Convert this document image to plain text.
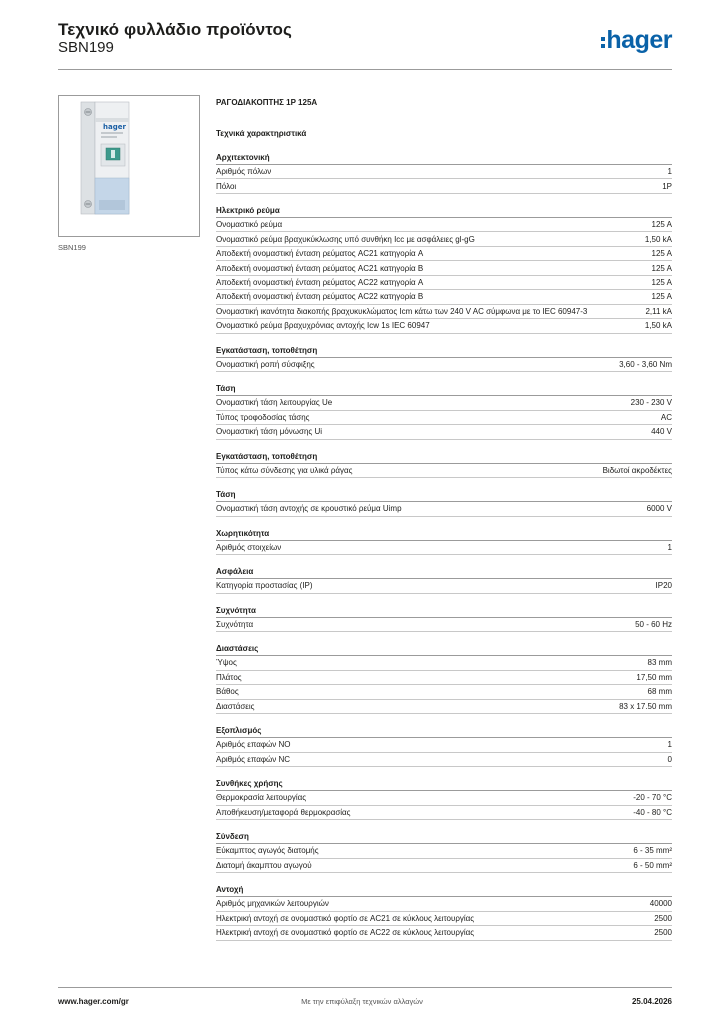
Τεχνικό φυλλάδιο προϊόντος
SBN199	hager
hager
SBN199
ΡΑΓΟΔΙΑΚΟΠΤΗΣ 1P 125A
Τεχνικά χαρακτηριστικά
Αρχιτεκτονική
Αριθμός πόλων	1
Πόλοι	1P
Ηλεκτρικό ρεύμα
Ονομαστικό ρεύμα	125 A
Ονομαστικό ρεύμα βραχυκύκλωσης υπό συνθήκη Icc με ασφάλειες gl-gG	1,50 kA
Αποδεκτή ονομαστική ένταση ρεύματος AC21 κατηγορία A	125 A
Αποδεκτή ονομαστική ένταση ρεύματος AC21 κατηγορία B	125 A
Αποδεκτή ονομαστική ένταση ρεύματος AC22 κατηγορία A	125 A
Αποδεκτή ονομαστική ένταση ρεύματος AC22 κατηγορία B	125 A
Ονομαστική ικανότητα διακοπής βραχυκυκλώματος Icm κάτω των 240 V AC σύμφωνα με το IEC 60947-3	2,11 kA
Ονομαστικό ρεύμα βραχυχρόνιας αντοχής Icw 1s IEC 60947	1,50 kA
Εγκατάσταση, τοποθέτηση
Ονομαστική ροπή σύσφιξης	3,60 - 3,60 Nm
Τάση
Ονομαστική τάση λειτουργίας Ue	230 - 230 V
Τύπος τροφοδοσίας τάσης	AC
Ονομαστική τάση μόνωσης Ui	440 V
Εγκατάσταση, τοποθέτηση
Τύπος κάτω σύνδεσης για υλικά ράγας	Βιδωτοί ακροδέκτες
Τάση
Ονομαστική τάση αντοχής σε κρουστικό ρεύμα Uimp	6000 V
Χωρητικότητα
Αριθμός στοιχείων	1
Ασφάλεια
Κατηγορία προστασίας (IP)	IP20
Συχνότητα
Συχνότητα	50 - 60 Hz
Διαστάσεις
Ύψος	83 mm
Πλάτος	17,50 mm
Βάθος	68 mm
Διαστάσεις	83 x 17.50 mm
Εξοπλισμός
Αριθμός επαφών NO	1
Αριθμός επαφών NC	0
Συνθήκες χρήσης
Θερμοκρασία λειτουργίας	-20 - 70 °C
Αποθήκευση/μεταφορά θερμοκρασίας	-40 - 80 °C
Σύνδεση
Εύκαμπτος αγωγός διατομής	6 - 35 mm²
Διατομή άκαμπτου αγωγού	6 - 50 mm²
Αντοχή
Αριθμός μηχανικών λειτουργιών	40000
Ηλεκτρική αντοχή σε ονομαστικό φορτίο σε AC21 σε κύκλους λειτουργίας	2500
Ηλεκτρική αντοχή σε ονομαστικό φορτίο σε AC22 σε κύκλους λειτουργίας	2500
www.hager.com/gr	Με την επιφύλαξη τεχνικών αλλαγών	25.04.2026
